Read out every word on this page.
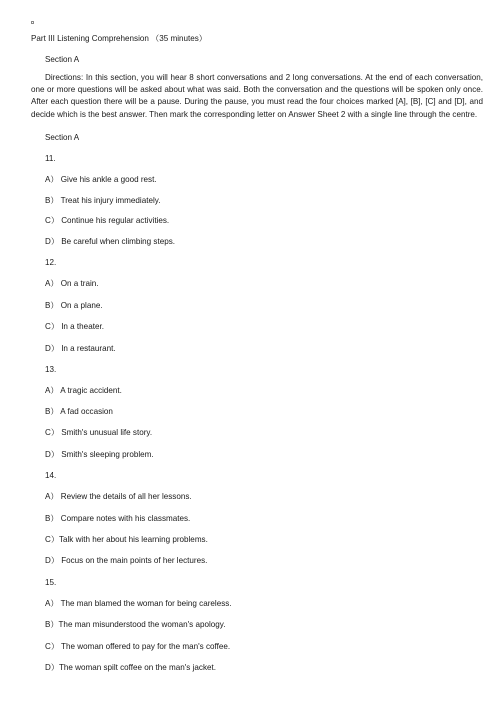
Part III Listening Comprehension （35 minutes）
Section A
Directions: In this section, you will hear 8 short conversations and 2 long conversations. At the end of each conversation, one or more questions will be asked about what was said. Both the conversation and the questions will be spoken only once. After each question there will be a pause. During the pause, you must read the four choices marked [A], [B], [C] and [D], and decide which is the best answer. Then mark the corresponding letter on Answer Sheet 2 with a single line through the centre.
Section A
11.
A） Give his ankle a good rest.
B） Treat his injury immediately.
C） Continue his regular activities.
D） Be careful when climbing steps.
12.
A） On a train.
B） On a plane.
C） In a theater.
D） In a restaurant.
13.
A） A tragic accident.
B） A fad occasion
C） Smith's unusual life story.
D） Smith's sleeping problem.
14.
A） Review the details of all her lessons.
B） Compare notes with his classmates.
C）Talk with her about his learning problems.
D） Focus on the main points of her lectures.
15.
A） The man blamed the woman for being careless.
B）The man misunderstood the woman's apology.
C） The woman offered to pay for the man's coffee.
D）The woman spilt coffee on the man's jacket.
